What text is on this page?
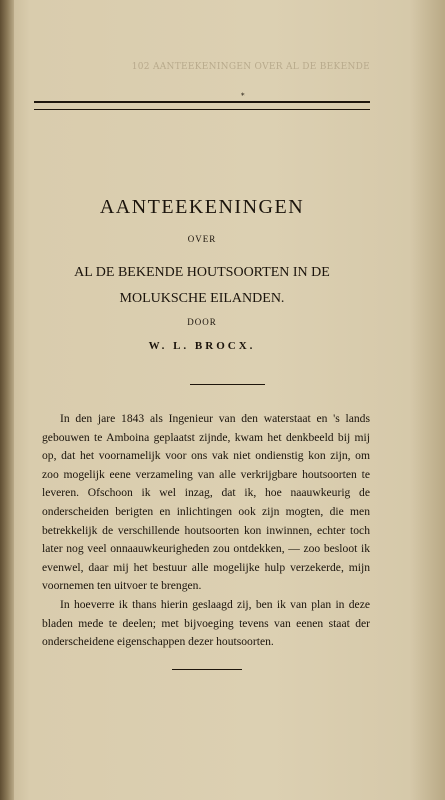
102 AANTEEKENINGEN OVER AL DE BEKENDE
*
AANTEEKENINGEN
OVER
AL DE BEKENDE HOUTSOORTEN IN DE MOLUKSCHE EILANDEN.
DOOR
W. L. BROCX.

In den jare 1843 als Ingenieur van den waterstaat en 's lands gebouwen te Amboina geplaatst zijnde, kwam het denkbeeld bij mij op, dat het voornamelijk voor ons vak niet ondienstig kon zijn, om zoo mogelijk eene verzameling van alle verkrijgbare houtsoorten te leveren. Ofschoon ik wel inzag, dat ik, hoe naauwkeurig de onderscheiden berigten en inlichtingen ook zijn mogten, die men betrekkelijk de verschillende houtsoorten kon inwinnen, echter toch later nog veel onnaauwkeurigheden zou ontdekken, — zoo besloot ik evenwel, daar mij het bestuur alle mogelijke hulp verzekerde, mijn voornemen ten uitvoer te brengen.

In hoeverre ik thans hierin geslaagd zij, ben ik van plan in deze bladen mede te deelen; met bijvoeging tevens van eenen staat der onderscheidene eigenschappen dezer houtsoorten.
